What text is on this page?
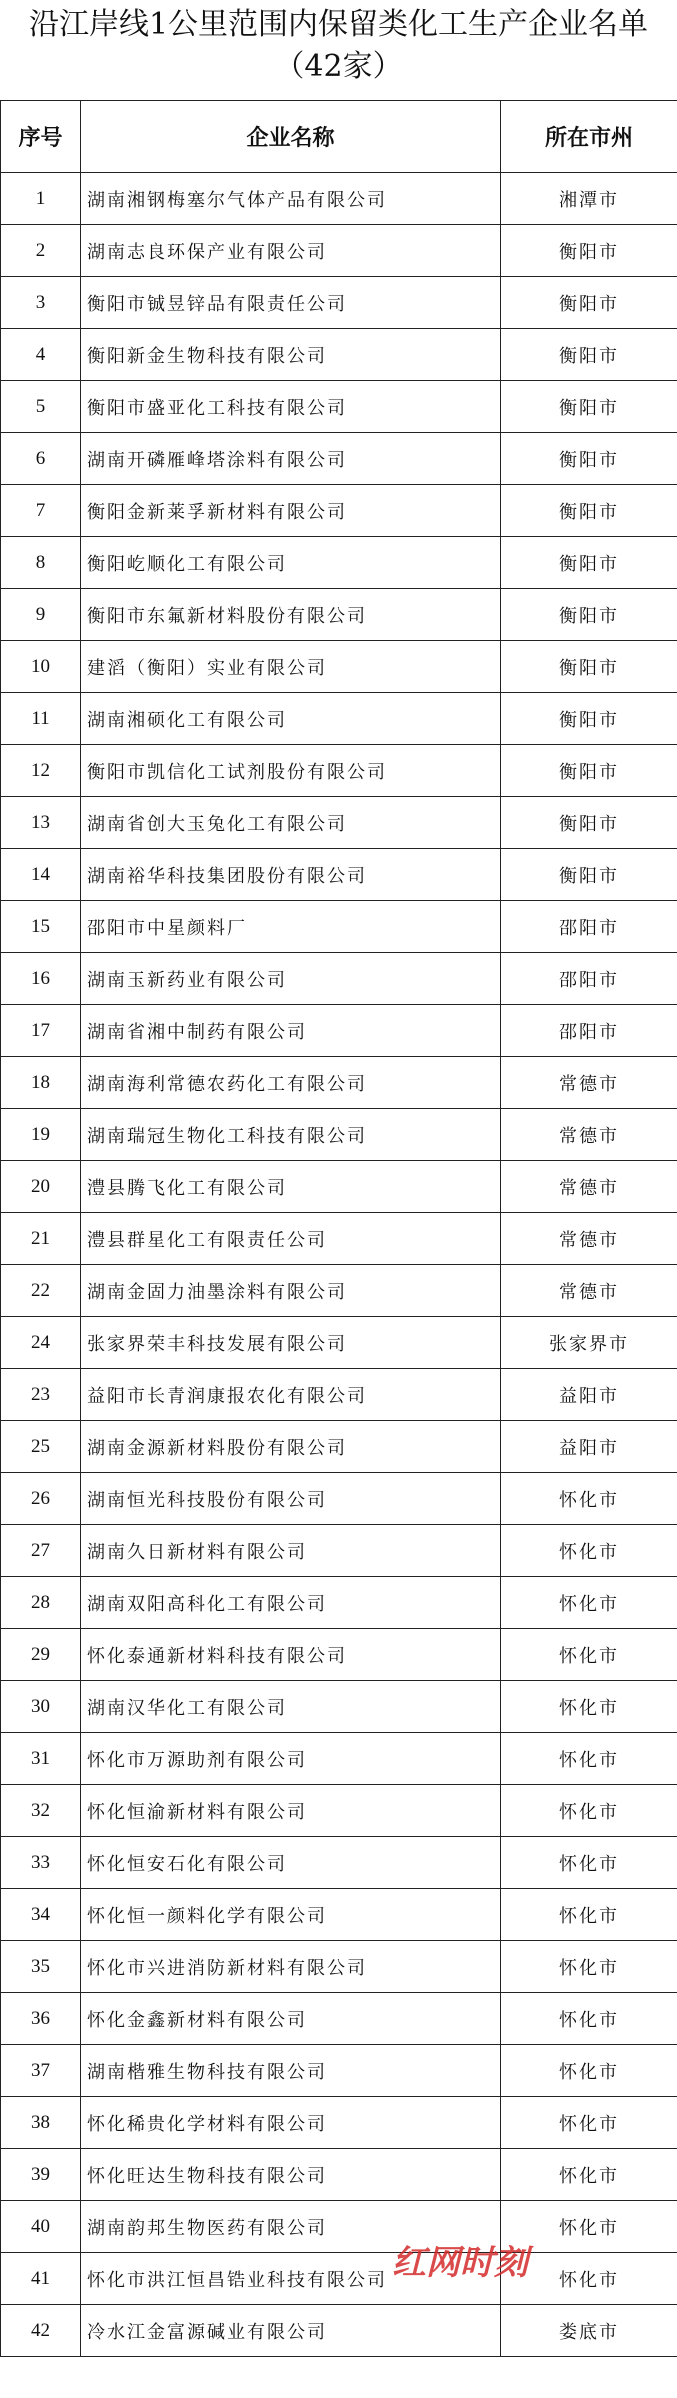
沿江岸线1公里范围内保留类化工生产企业名单
（42家）
序号	企业名称	所在市州
1	湖南湘钢梅塞尔气体产品有限公司	湘潭市
2	湖南志良环保产业有限公司	衡阳市
3	衡阳市铖昱锌品有限责任公司	衡阳市
4	衡阳新金生物科技有限公司	衡阳市
5	衡阳市盛亚化工科技有限公司	衡阳市
6	湖南开磷雁峰塔涂料有限公司	衡阳市
7	衡阳金新莱孚新材料有限公司	衡阳市
8	衡阳屹顺化工有限公司	衡阳市
9	衡阳市东氟新材料股份有限公司	衡阳市
10	建滔（衡阳）实业有限公司	衡阳市
11	湖南湘硕化工有限公司	衡阳市
12	衡阳市凯信化工试剂股份有限公司	衡阳市
13	湖南省创大玉兔化工有限公司	衡阳市
14	湖南裕华科技集团股份有限公司	衡阳市
15	邵阳市中星颜料厂	邵阳市
16	湖南玉新药业有限公司	邵阳市
17	湖南省湘中制药有限公司	邵阳市
18	湖南海利常德农药化工有限公司	常德市
19	湖南瑞冠生物化工科技有限公司	常德市
20	澧县腾飞化工有限公司	常德市
21	澧县群星化工有限责任公司	常德市
22	湖南金固力油墨涂料有限公司	常德市
24	张家界荣丰科技发展有限公司	张家界市
23	益阳市长青润康报农化有限公司	益阳市
25	湖南金源新材料股份有限公司	益阳市
26	湖南恒光科技股份有限公司	怀化市
27	湖南久日新材料有限公司	怀化市
28	湖南双阳高科化工有限公司	怀化市
29	怀化泰通新材料科技有限公司	怀化市
30	湖南汉华化工有限公司	怀化市
31	怀化市万源助剂有限公司	怀化市
32	怀化恒渝新材料有限公司	怀化市
33	怀化恒安石化有限公司	怀化市
34	怀化恒一颜料化学有限公司	怀化市
35	怀化市兴进消防新材料有限公司	怀化市
36	怀化金鑫新材料有限公司	怀化市
37	湖南楷雅生物科技有限公司	怀化市
38	怀化稀贵化学材料有限公司	怀化市
39	怀化旺达生物科技有限公司	怀化市
40	湖南韵邦生物医药有限公司	怀化市
41	怀化市洪江恒昌锆业科技有限公司	怀化市
42	冷水江金富源碱业有限公司	娄底市
红网时刻
